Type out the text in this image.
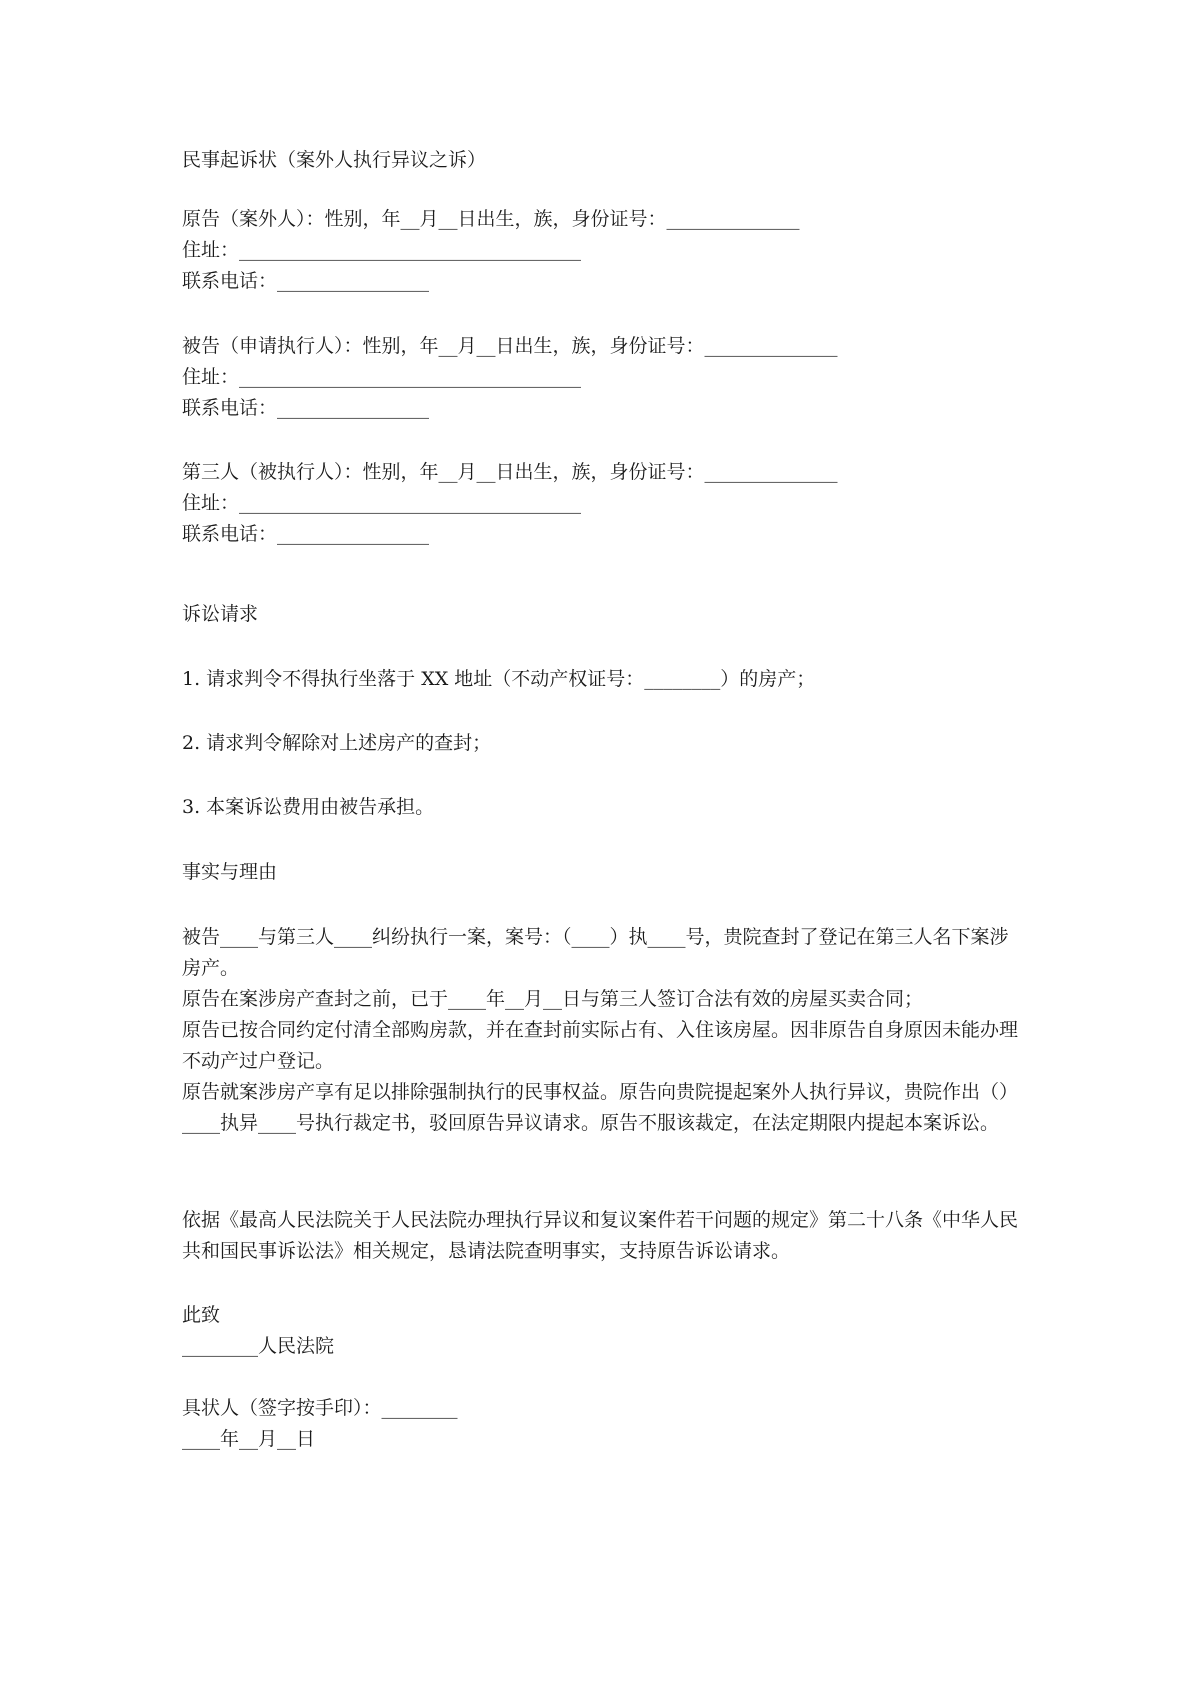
民事起诉状（案外人执行异议之诉）

原告（案外人）：性别，年__月__日出生，族，身份证号：______________
住址：____________________________________
联系电话：________________
被告（申请执行人）：性别，年__月__日出生，族，身份证号：______________
住址：____________________________________
联系电话：________________
第三人（被执行人）：性别，年__月__日出生，族，身份证号：______________
住址：____________________________________
联系电话：________________

诉讼请求

1. 请求判令不得执行坐落于 XX 地址（不动产权证号：________）的房产；

2. 请求判令解除对上述房产的查封；

3. 本案诉讼费用由被告承担。

事实与理由

被告____与第三人____纠纷执行一案，案号：（____）执____号，贵院查封了登记在第三人名下案涉房产。
原告在案涉房产查封之前，已于____年__月__日与第三人签订合法有效的房屋买卖合同；
原告已按合同约定付清全部购房款，并在查封前实际占有、入住该房屋。因非原告自身原因未能办理不动产过户登记。
原告就案涉房产享有足以排除强制执行的民事权益。原告向贵院提起案外人执行异议，贵院作出（）____执异____号执行裁定书，驳回原告异议请求。原告不服该裁定，在法定期限内提起本案诉讼。

依据《最高人民法院关于人民法院办理执行异议和复议案件若干问题的规定》第二十八条《中华人民共和国民事诉讼法》相关规定，恳请法院查明事实，支持原告诉讼请求。

此致
________人民法院
具状人（签字按手印）：________
____年__月__日
